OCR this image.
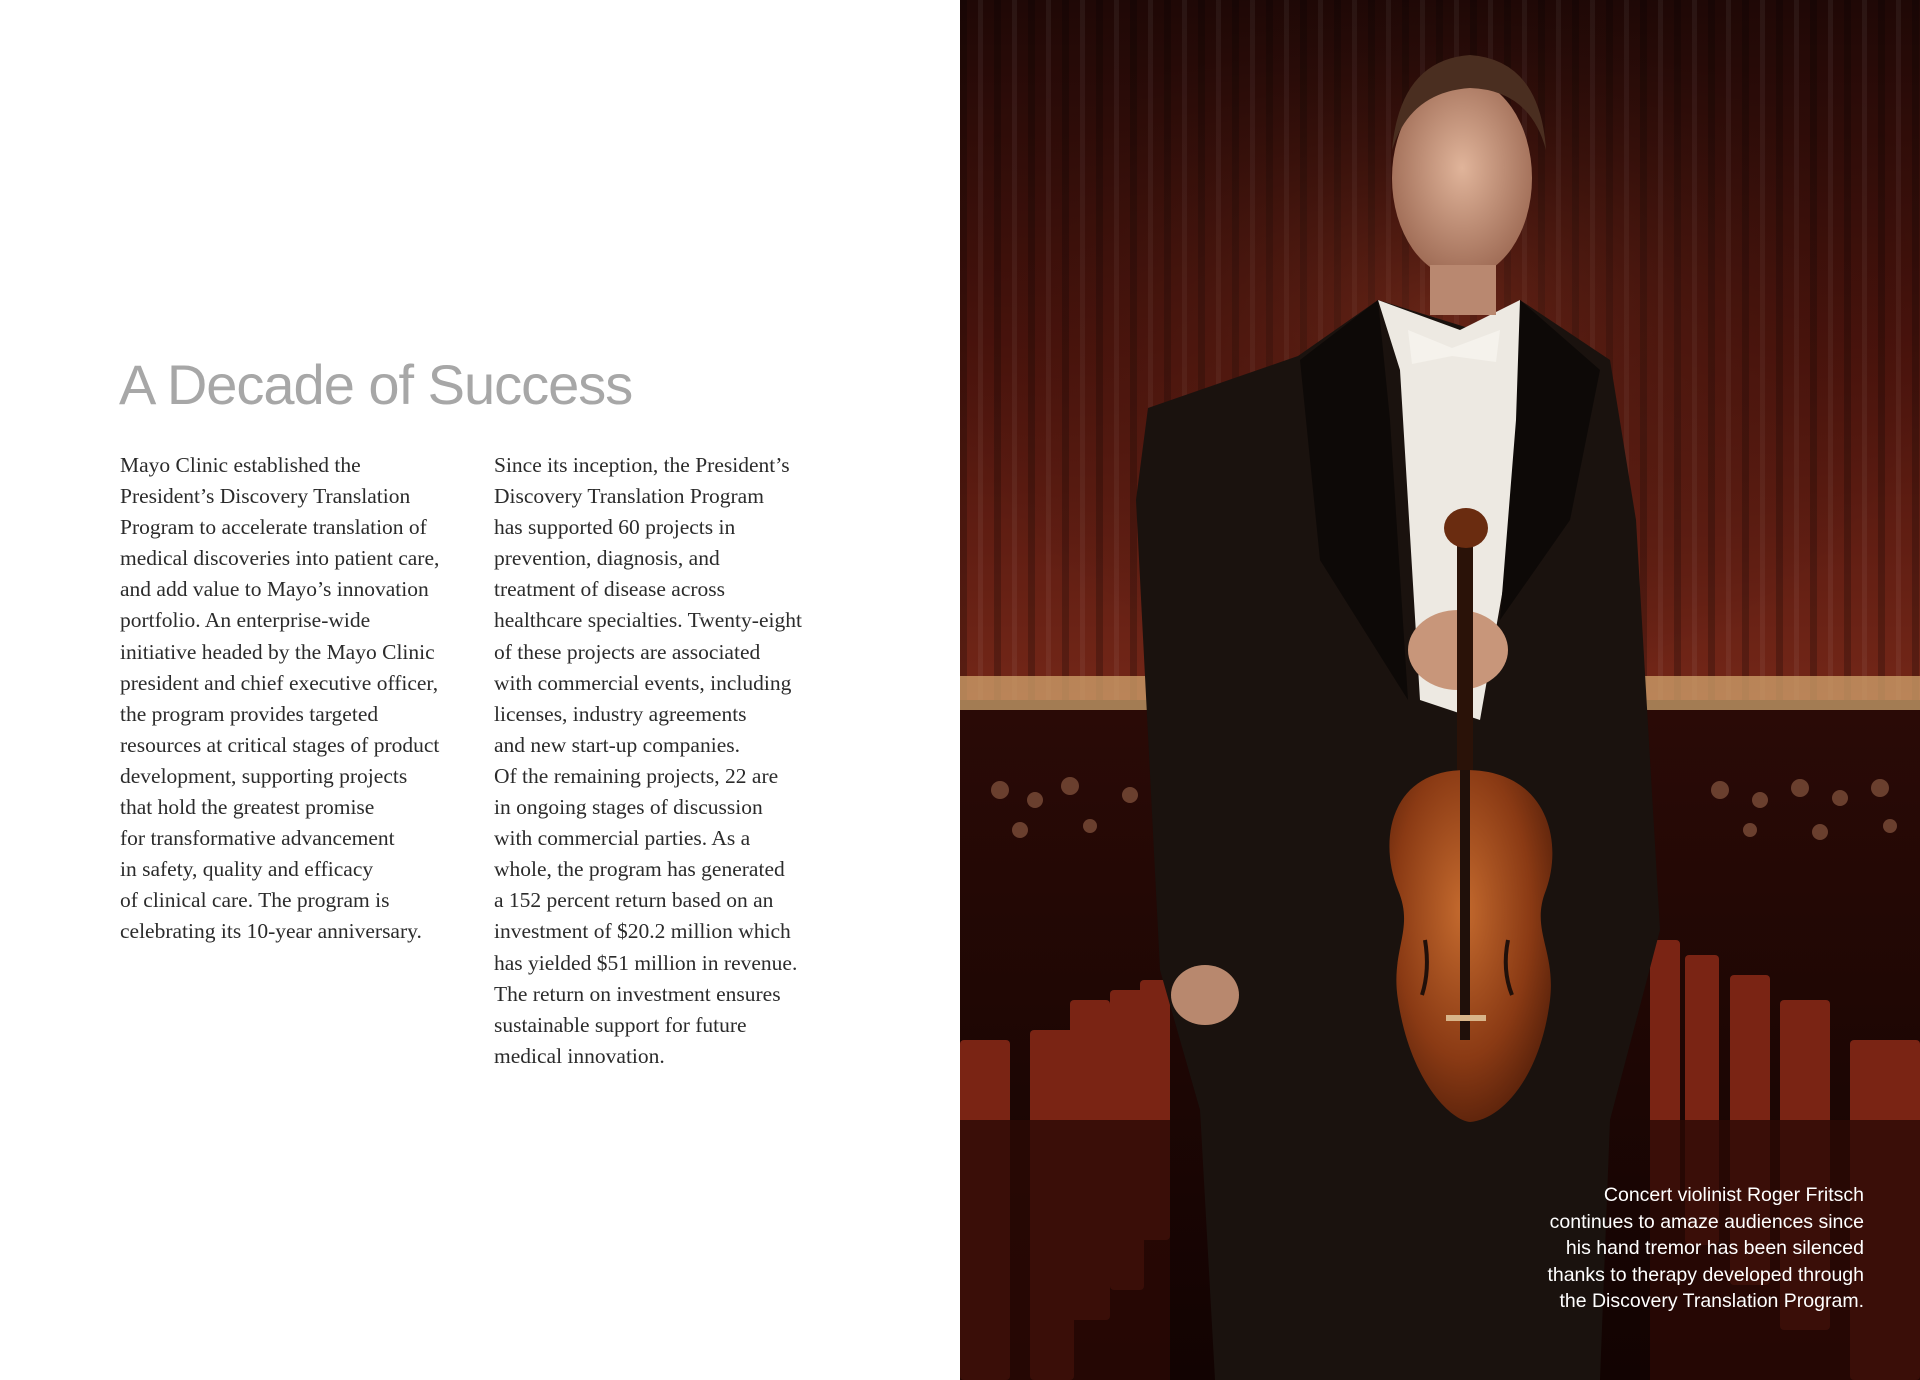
A Decade of Success
Mayo Clinic established the
President’s Discovery Translation
Program to accelerate translation of
medical discoveries into patient care,
and add value to Mayo’s innovation
portfolio. An enterprise-wide
initiative headed by the Mayo Clinic
president and chief executive officer,
the program provides targeted
resources at critical stages of product
development, supporting projects
that hold the greatest promise
for transformative advancement
in safety, quality and efficacy
of clinical care. The program is
celebrating its 10-year anniversary.
Since its inception, the President’s
Discovery Translation Program
has supported 60 projects in
prevention, diagnosis, and
treatment of disease across
healthcare specialties. Twenty-eight
of these projects are associated
with commercial events, including
licenses, industry agreements
and new start-up companies.
Of the remaining projects, 22 are
in ongoing stages of discussion
with commercial parties. As a
whole, the program has generated
a 152 percent return based on an
investment of $20.2 million which
has yielded $51 million in revenue.
The return on investment ensures
sustainable support for future
medical innovation.
Concert violinist Roger Fritsch
continues to amaze audiences since
his hand tremor has been silenced
thanks to therapy developed through
the Discovery Translation Program.
